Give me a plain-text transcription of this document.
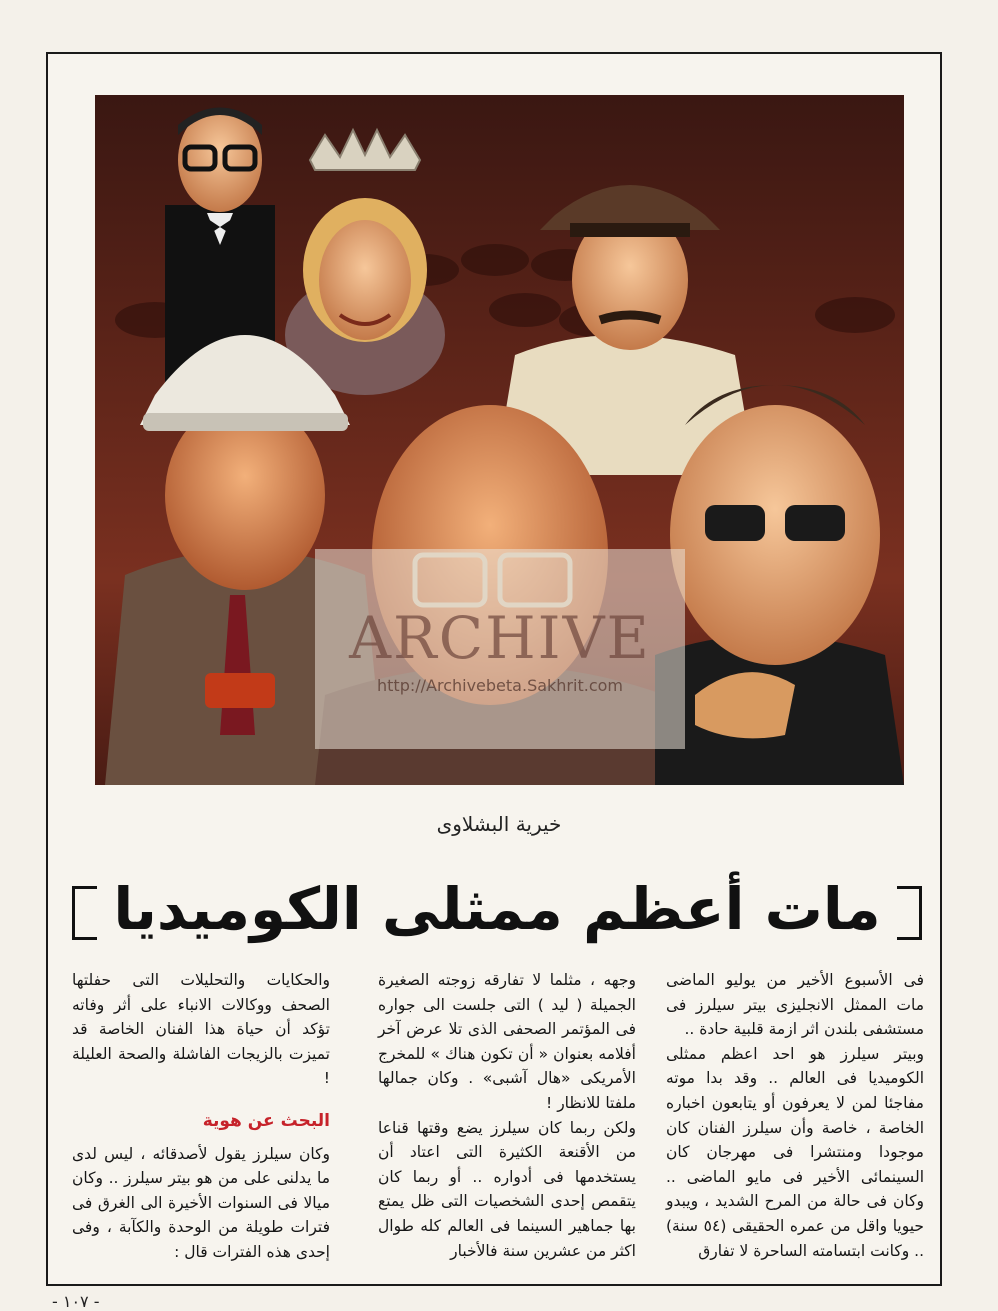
ARCHIVE
http://Archivebeta.Sakhrit.com
خيرية البشلاوى
مات أعظم ممثلى الكوميديا

فى الأسبوع الأخير من يوليو الماضى مات الممثل الانجليزى بيتر سيلرز فى مستشفى بلندن اثر ازمة قلبية حادة ..

وبيتر سيلرز هو احد اعظم ممثلى الكوميديا فى العالم .. وقد بدا موته مفاجئا لمن لا يعرفون أو يتابعون اخباره الخاصة ، خاصة وأن سيلرز الفنان كان موجودا ومنتشرا فى مهرجان كان السينمائى الأخير فى مايو الماضى .. وكان فى حالة من المرح الشديد ، ويبدو حيويا واقل من عمره الحقيقى (٥٤ سنة) .. وكانت ابتسامته الساحرة لا تفارق

وجهه ، مثلما لا تفارقه زوجته الصغيرة الجميلة ( ليد ) التى جلست الى جواره فى المؤتمر الصحفى الذى تلا عرض آخر أفلامه بعنوان « أن تكون هناك » للمخرج الأمريكى «هال آشبى» . وكان جمالها ملفتا للانظار !

ولكن ربما كان سيلرز يضع وقتها قناعا من الأقنعة الكثيرة التى اعتاد أن يستخدمها فى أدواره .. أو ربما كان يتقمص إحدى الشخصيات التى ظل يمتع بها جماهير السينما فى العالم كله طوال اكثر من عشرين سنة فالأخبار

والحكايات والتحليلات التى حفلتها الصحف ووكالات الانباء على أثر وفاته تؤكد أن حياة هذا الفنان الخاصة قد تميزت بالزيجات الفاشلة والصحة العليلة !

البحث عن هوية

وكان سيلرز يقول لأصدقائه ، ليس لدى ما يدلنى على من هو بيتر سيلرز .. وكان ميالا فى السنوات الأخيرة الى الغرق فى فترات طويلة من الوحدة والكآبة ، وفى إحدى هذه الفترات قال :

- ١٠٧ -
